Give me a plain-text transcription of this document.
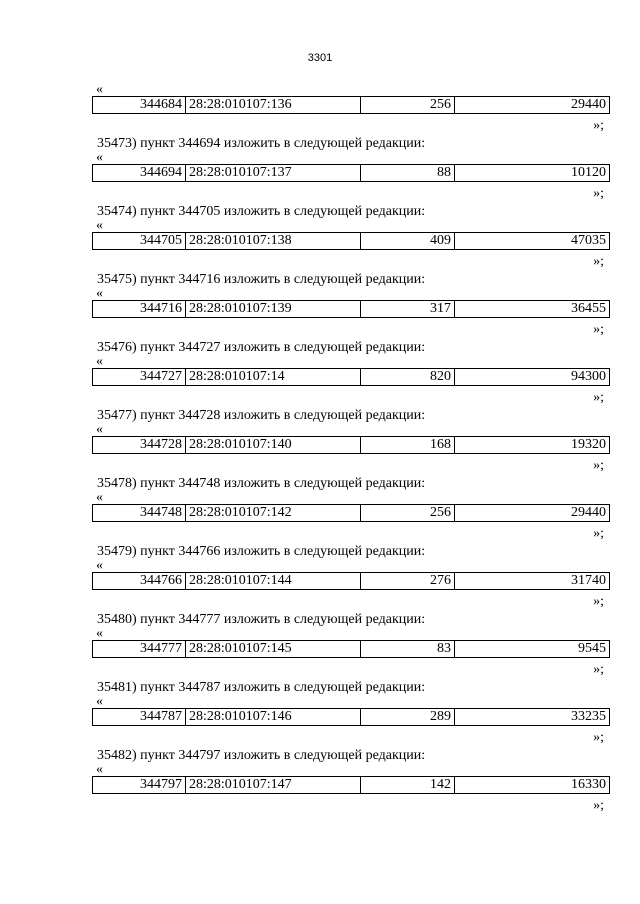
3301
«
344684	28:28:010107:136	256	29440
»;
35473) пункт 344694 изложить в следующей редакции:
«
344694	28:28:010107:137	88	10120
»;
35474) пункт 344705 изложить в следующей редакции:
«
344705	28:28:010107:138	409	47035
»;
35475) пункт 344716 изложить в следующей редакции:
«
344716	28:28:010107:139	317	36455
»;
35476) пункт 344727 изложить в следующей редакции:
«
344727	28:28:010107:14	820	94300
»;
35477) пункт 344728 изложить в следующей редакции:
«
344728	28:28:010107:140	168	19320
»;
35478) пункт 344748 изложить в следующей редакции:
«
344748	28:28:010107:142	256	29440
»;
35479) пункт 344766 изложить в следующей редакции:
«
344766	28:28:010107:144	276	31740
»;
35480) пункт 344777 изложить в следующей редакции:
«
344777	28:28:010107:145	83	9545
»;
35481) пункт 344787 изложить в следующей редакции:
«
344787	28:28:010107:146	289	33235
»;
35482) пункт 344797 изложить в следующей редакции:
«
344797	28:28:010107:147	142	16330
»;
